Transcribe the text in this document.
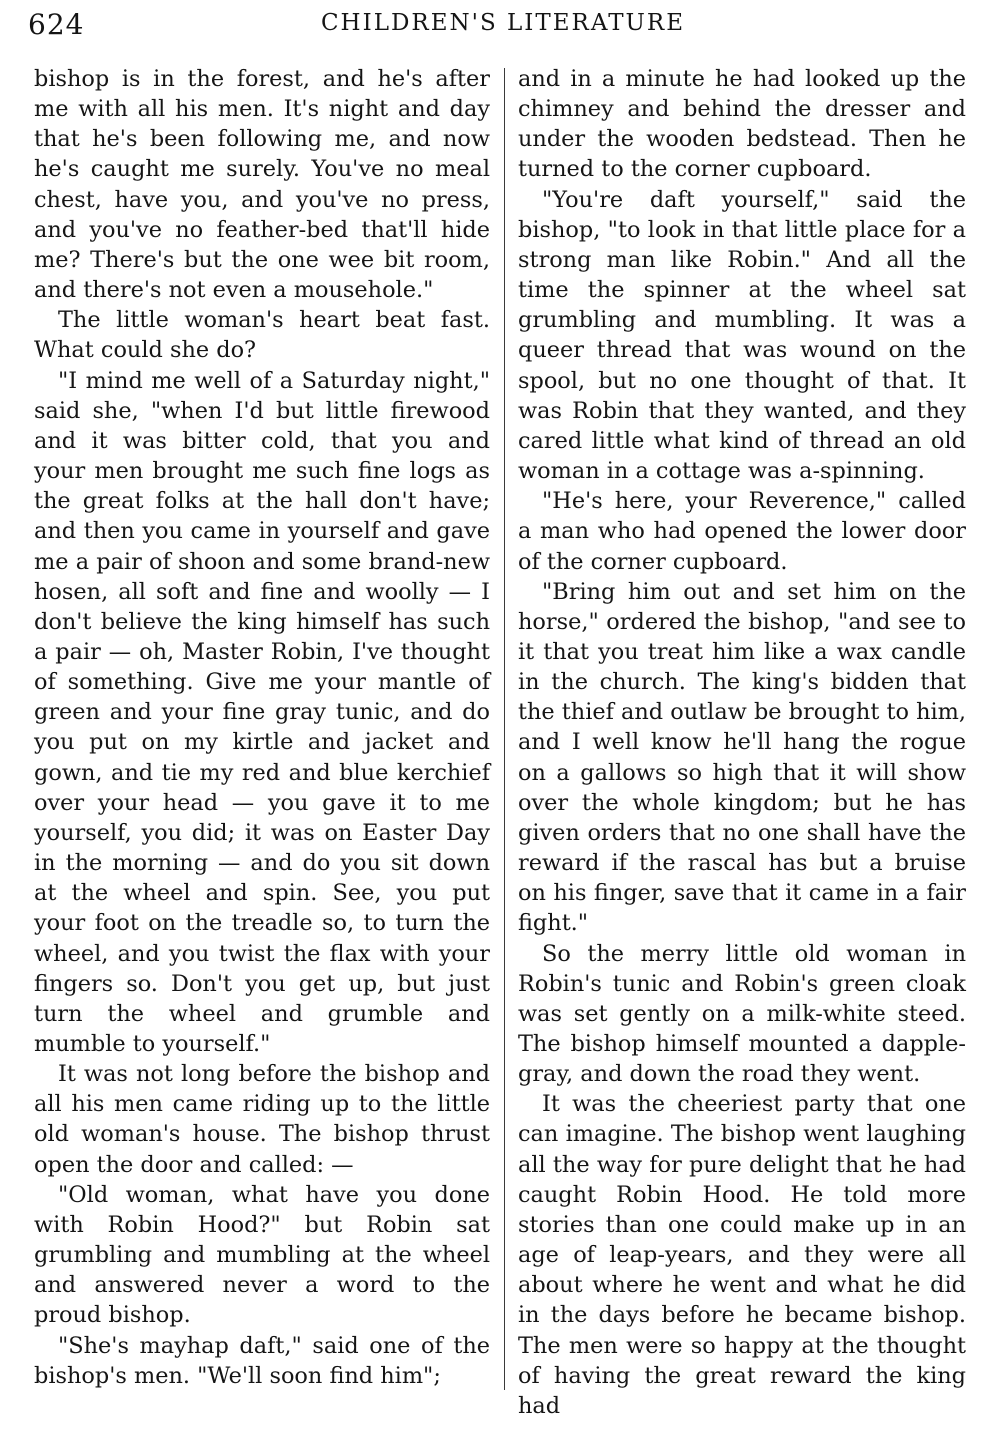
624	CHILDREN'S LITERATURE

bishop is in the forest, and he's after me with all his men. It's night and day that he's been following me, and now he's caught me surely. You've no meal chest, have you, and you've no press, and you've no feather-bed that'll hide me? There's but the one wee bit room, and there's not even a mousehole."

The little woman's heart beat fast. What could she do?

"I mind me well of a Saturday night," said she, "when I'd but little firewood and it was bitter cold, that you and your men brought me such fine logs as the great folks at the hall don't have; and then you came in yourself and gave me a pair of shoon and some brand-new hosen, all soft and fine and woolly — I don't believe the king himself has such a pair — oh, Master Robin, I've thought of something. Give me your mantle of green and your fine gray tunic, and do you put on my kirtle and jacket and gown, and tie my red and blue kerchief over your head — you gave it to me yourself, you did; it was on Easter Day in the morning — and do you sit down at the wheel and spin. See, you put your foot on the treadle so, to turn the wheel, and you twist the flax with your fingers so. Don't you get up, but just turn the wheel and grumble and mumble to yourself."

It was not long before the bishop and all his men came riding up to the little old woman's house. The bishop thrust open the door and called: —

"Old woman, what have you done with Robin Hood?" but Robin sat grumbling and mumbling at the wheel and answered never a word to the proud bishop.

"She's mayhap daft," said one of the bishop's men. "We'll soon find him";

and in a minute he had looked up the chimney and behind the dresser and under the wooden bedstead. Then he turned to the corner cupboard.

"You're daft yourself," said the bishop, "to look in that little place for a strong man like Robin." And all the time the spinner at the wheel sat grumbling and mumbling. It was a queer thread that was wound on the spool, but no one thought of that. It was Robin that they wanted, and they cared little what kind of thread an old woman in a cottage was a-spinning.

"He's here, your Reverence," called a man who had opened the lower door of the corner cupboard.

"Bring him out and set him on the horse," ordered the bishop, "and see to it that you treat him like a wax candle in the church. The king's bidden that the thief and outlaw be brought to him, and I well know he'll hang the rogue on a gallows so high that it will show over the whole kingdom; but he has given orders that no one shall have the reward if the rascal has but a bruise on his finger, save that it came in a fair fight."

So the merry little old woman in Robin's tunic and Robin's green cloak was set gently on a milk-white steed. The bishop himself mounted a dapple-gray, and down the road they went.

It was the cheeriest party that one can imagine. The bishop went laughing all the way for pure delight that he had caught Robin Hood. He told more stories than one could make up in an age of leap-years, and they were all about where he went and what he did in the days before he became bishop. The men were so happy at the thought of having the great reward the king had
